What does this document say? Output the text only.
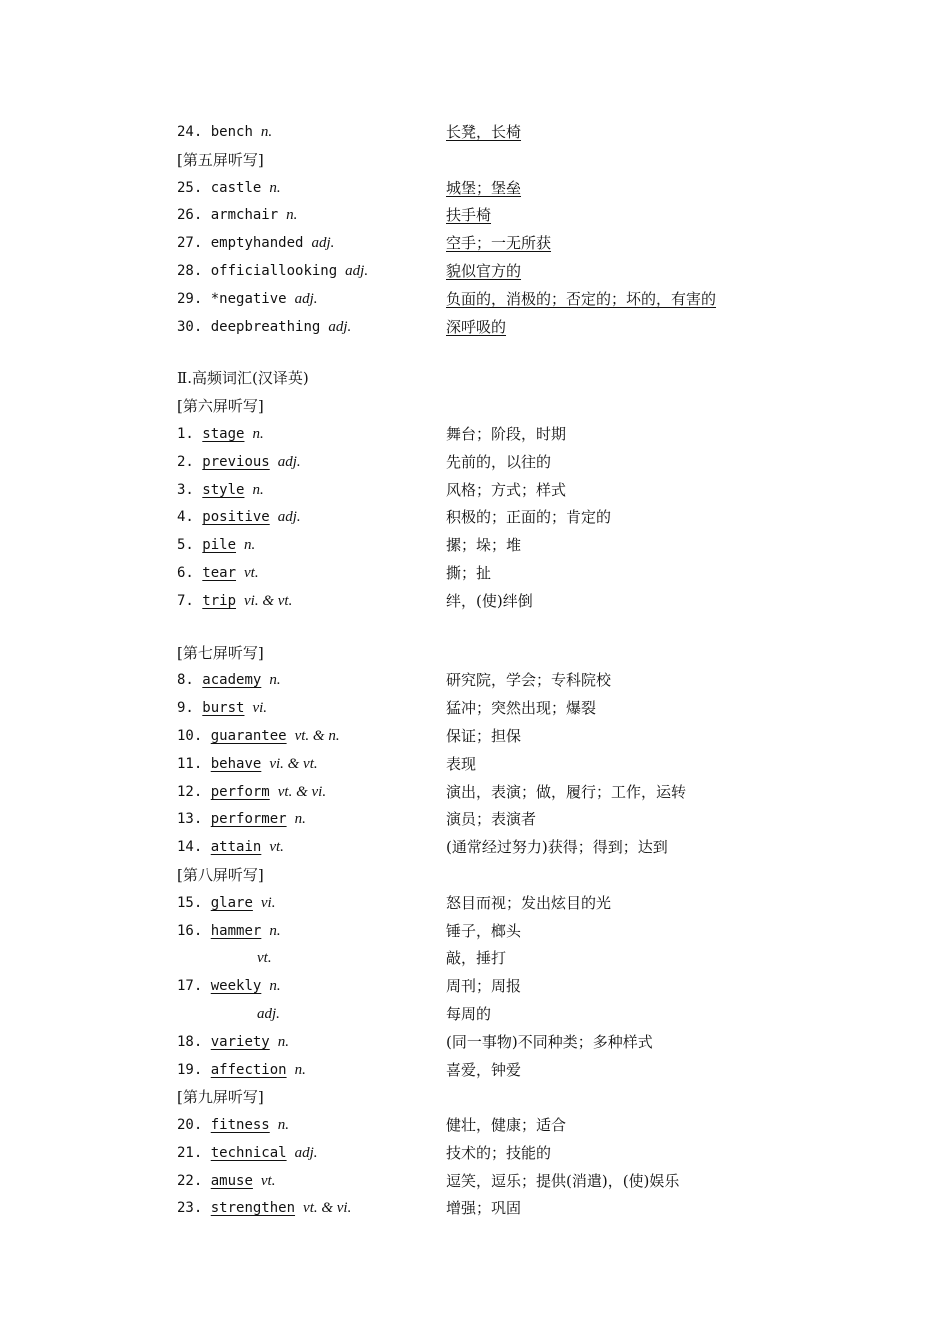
24. bench n.	长凳，长椅
[第五屏听写]
25. castle n.	城堡；堡垒
26. armchair n.	扶手椅
27. emptyhanded adj.	空手；一无所获
28. officiallooking adj.	貌似官方的
29. *negative adj.	负面的，消极的；否定的；坏的，有害的
30. deepbreathing adj.	深呼吸的
Ⅱ.高频词汇(汉译英)
[第六屏听写]
1. stage n.	舞台；阶段，时期
2. previous adj.	先前的，以往的
3. style n.	风格；方式；样式
4. positive adj.	积极的；正面的；肯定的
5. pile n.	摞；垛；堆
6. tear vt.	撕；扯
7. trip vi. & vt.	绊，(使)绊倒
[第七屏听写]
8. academy n.	研究院，学会；专科院校
9. burst vi.	猛冲；突然出现；爆裂
10. guarantee vt. & n.	保证；担保
11. behave vi. & vt.	表现
12. perform vt. & vi.	演出，表演；做，履行；工作，运转
13. performer n.	演员；表演者
14. attain vt.	(通常经过努力)获得；得到；达到
[第八屏听写]
15. glare vi.	怒目而视；发出炫目的光
16. hammer n.	锤子，榔头
vt.	敲，捶打
17. weekly n.	周刊；周报
adj.	每周的
18. variety n.	(同一事物)不同种类；多种样式
19. affection n.	喜爱，钟爱
[第九屏听写]
20. fitness n.	健壮，健康；适合
21. technical adj.	技术的；技能的
22. amuse vt.	逗笑，逗乐；提供(消遣)，(使)娱乐
23. strengthen vt. & vi.	增强；巩固
